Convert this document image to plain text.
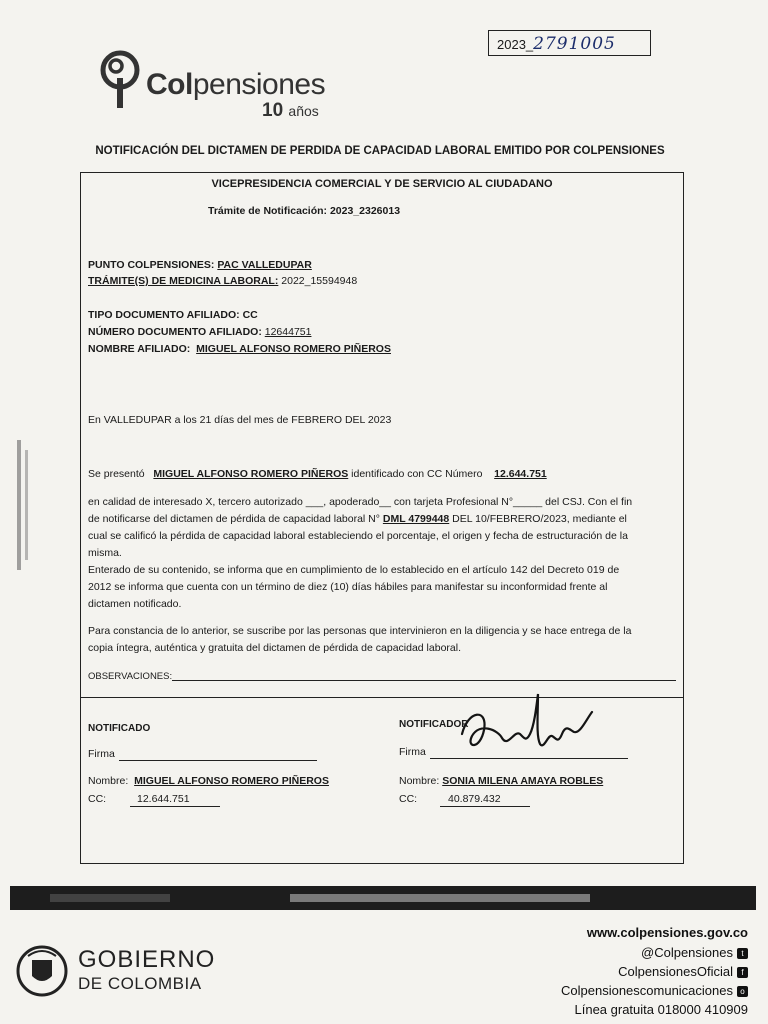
2023_2791005
Colpensiones
10 años
NOTIFICACIÓN DEL DICTAMEN DE PERDIDA DE CAPACIDAD LABORAL EMITIDO POR COLPENSIONES
VICEPRESIDENCIA COMERCIAL Y DE SERVICIO AL CIUDADANO
Trámite de Notificación: 2023_2326013
PUNTO COLPENSIONES: PAC VALLEDUPAR
TRÁMITE(S) DE MEDICINA LABORAL: 2022_15594948
TIPO DOCUMENTO AFILIADO: CC
NÚMERO DOCUMENTO AFILIADO: 12644751
NOMBRE AFILIADO: MIGUEL ALFONSO ROMERO PIÑEROS
En VALLEDUPAR a los 21 días del mes de FEBRERO DEL 2023
Se presentó MIGUEL ALFONSO ROMERO PIÑEROS identificado con CC Número 12.644.751
en calidad de interesado X, tercero autorizado ___, apoderado__ con tarjeta Profesional N°_____ del CSJ. Con el fin
de notificarse del dictamen de pérdida de capacidad laboral N° DML 4799448 DEL 10/FEBRERO/2023, mediante el
cual se calificó la pérdida de capacidad laboral estableciendo el porcentaje, el origen y fecha de estructuración de la
misma.
Enterado de su contenido, se informa que en cumplimiento de lo establecido en el artículo 142 del Decreto 019 de
2012 se informa que cuenta con un término de diez (10) días hábiles para manifestar su inconformidad frente al
dictamen notificado.
Para constancia de lo anterior, se suscribe por las personas que intervinieron en la diligencia y se hace entrega de la
copia íntegra, auténtica y gratuita del dictamen de pérdida de capacidad laboral.
OBSERVACIONES:
NOTIFICADO
Firma
Nombre: MIGUEL ALFONSO ROMERO PIÑEROS
CC:	12.644.751
NOTIFICADOR
Firma
Nombre: SONIA MILENA AMAYA ROBLES
CC:	40.879.432
GOBIERNO
DE COLOMBIA
www.colpensiones.gov.co
@Colpensiones t
ColpensionesOficial f
Colpensionescomunicaciones o
Línea gratuita 018000 410909
